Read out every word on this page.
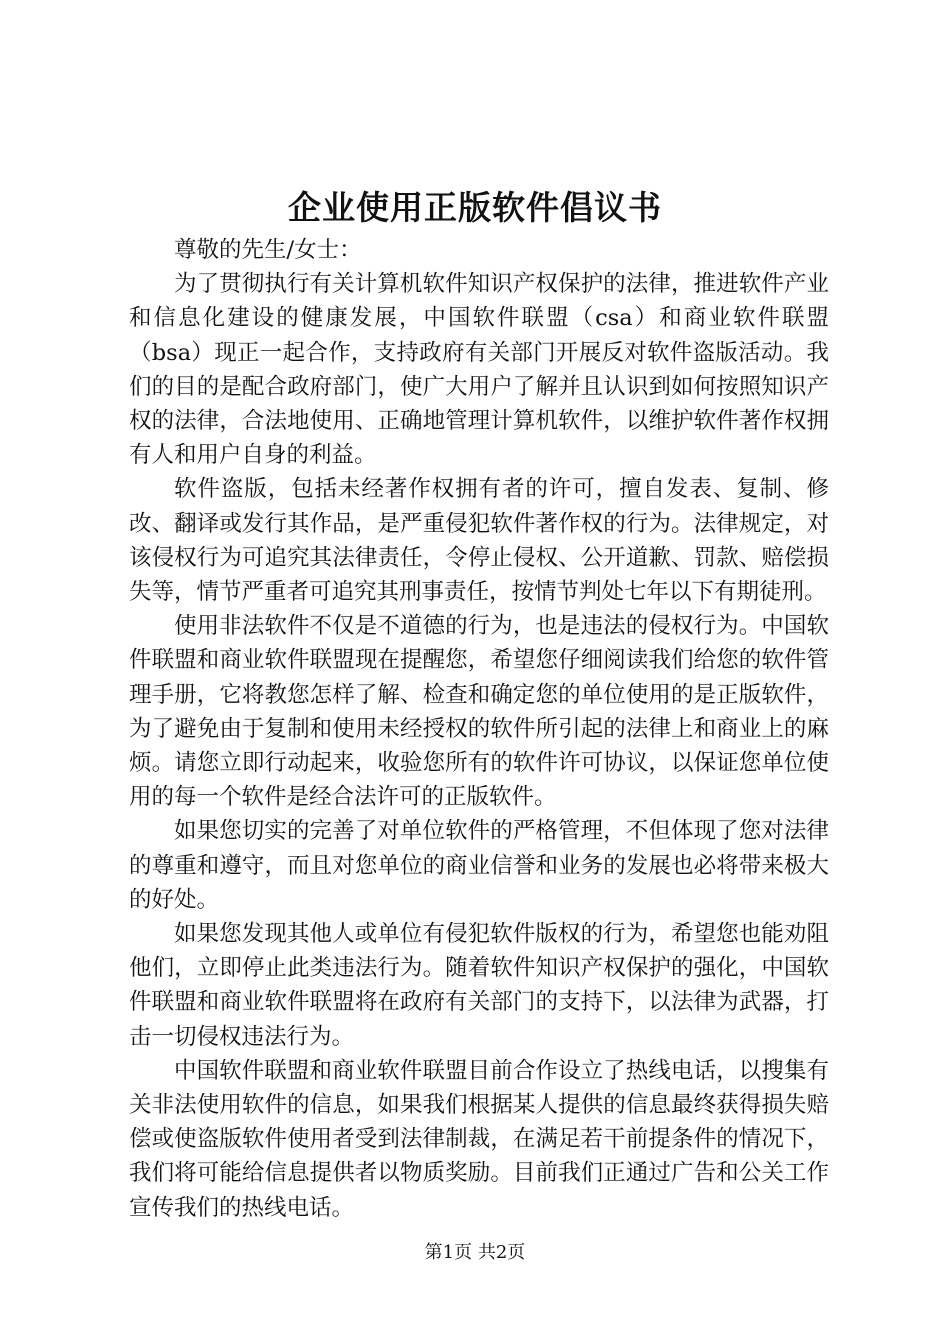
企业使用正版软件倡议书

尊敬的先生/女士：

为了贯彻执行有关计算机软件知识产权保护的法律，推进软件产业和信息化建设的健康发展，中国软件联盟（csa）和商业软件联盟（bsa）现正一起合作，支持政府有关部门开展反对软件盗版活动。我们的目的是配合政府部门，使广大用户了解并且认识到如何按照知识产权的法律，合法地使用、正确地管理计算机软件，以维护软件著作权拥有人和用户自身的利益。

软件盗版，包括未经著作权拥有者的许可，擅自发表、复制、修改、翻译或发行其作品，是严重侵犯软件著作权的行为。法律规定，对该侵权行为可追究其法律责任，令停止侵权、公开道歉、罚款、赔偿损失等，情节严重者可追究其刑事责任，按情节判处七年以下有期徒刑。

使用非法软件不仅是不道德的行为，也是违法的侵权行为。中国软件联盟和商业软件联盟现在提醒您，希望您仔细阅读我们给您的软件管理手册，它将教您怎样了解、检查和确定您的单位使用的是正版软件，为了避免由于复制和使用未经授权的软件所引起的法律上和商业上的麻烦。请您立即行动起来，收验您所有的软件许可协议，以保证您单位使用的每一个软件是经合法许可的正版软件。

如果您切实的完善了对单位软件的严格管理，不但体现了您对法律的尊重和遵守，而且对您单位的商业信誉和业务的发展也必将带来极大的好处。

如果您发现其他人或单位有侵犯软件版权的行为，希望您也能劝阻他们，立即停止此类违法行为。随着软件知识产权保护的强化，中国软件联盟和商业软件联盟将在政府有关部门的支持下，以法律为武器，打击一切侵权违法行为。

中国软件联盟和商业软件联盟目前合作设立了热线电话，以搜集有关非法使用软件的信息，如果我们根据某人提供的信息最终获得损失赔偿或使盗版软件使用者受到法律制裁，在满足若干前提条件的情况下，我们将可能给信息提供者以物质奖励。目前我们正通过广告和公关工作宣传我们的热线电话。

第1页 共2页
